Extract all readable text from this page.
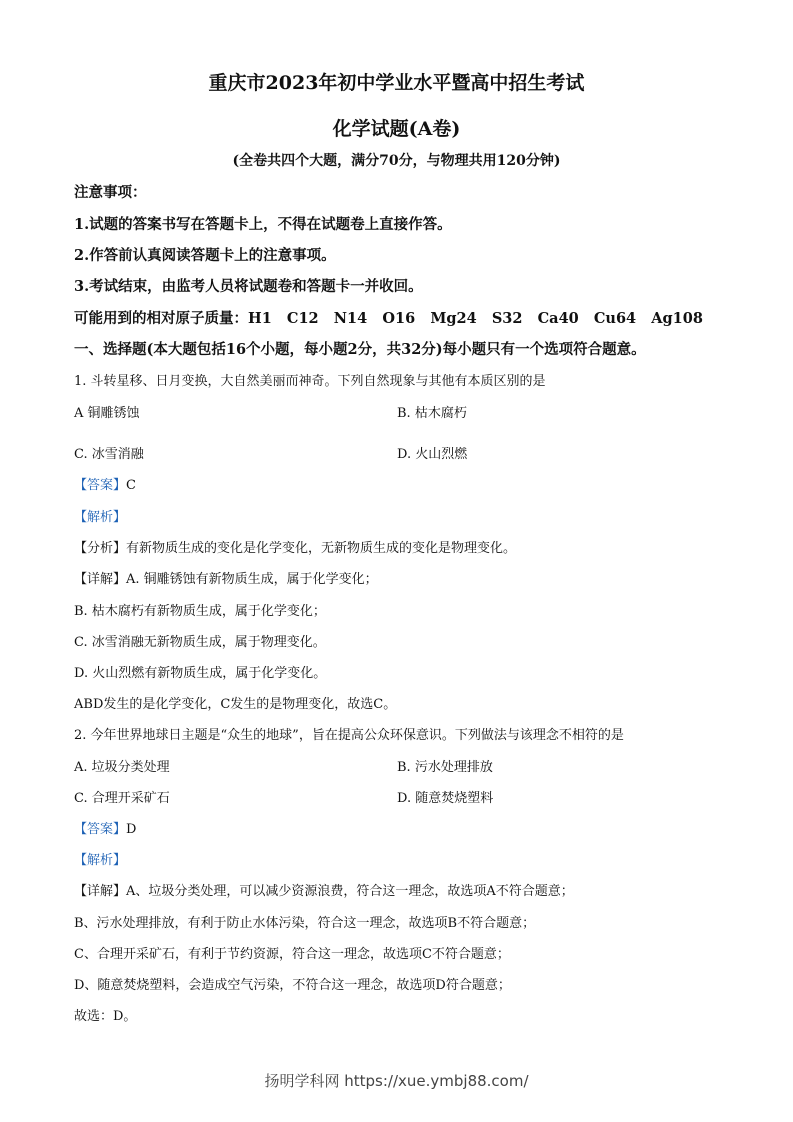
重庆市2023年初中学业水平暨高中招生考试
化学试题(A卷)
(全卷共四个大题，满分70分，与物理共用120分钟)
注意事项：
1.试题的答案书写在答题卡上，不得在试题卷上直接作答。
2.作答前认真阅读答题卡上的注意事项。
3.考试结束，由监考人员将试题卷和答题卡一并收回。
可能用到的相对原子质量：H1   C12   N14   O16   Mg24   S32   Ca40   Cu64   Ag108
一、选择题(本大题包括16个小题，每小题2分，共32分)每小题只有一个选项符合题意。
1. 斗转星移、日月变换，大自然美丽而神奇。下列自然现象与其他有本质区别的是
A 铜雕锈蚀	B. 枯木腐朽
C. 冰雪消融	D. 火山烈燃
【答案】C
【解析】
【分析】有新物质生成的变化是化学变化，无新物质生成的变化是物理变化。
【详解】A. 铜雕锈蚀有新物质生成，属于化学变化；
B. 枯木腐朽有新物质生成，属于化学变化；
C. 冰雪消融无新物质生成，属于物理变化。
D. 火山烈燃有新物质生成，属于化学变化。
ABD发生的是化学变化，C发生的是物理变化，故选C。
2. 今年世界地球日主题是“众生的地球”，旨在提高公众环保意识。下列做法与该理念不相符的是
A. 垃圾分类处理	B. 污水处理排放
C. 合理开采矿石	D. 随意焚烧塑料
【答案】D
【解析】
【详解】A、垃圾分类处理，可以减少资源浪费，符合这一理念，故选项A不符合题意；
B、污水处理排放，有利于防止水体污染，符合这一理念，故选项B不符合题意；
C、合理开采矿石，有利于节约资源，符合这一理念，故选项C不符合题意；
D、随意焚烧塑料，会造成空气污染，不符合这一理念，故选项D符合题意；
故选：D。
扬明学科网 https://xue.ymbj88.com/
